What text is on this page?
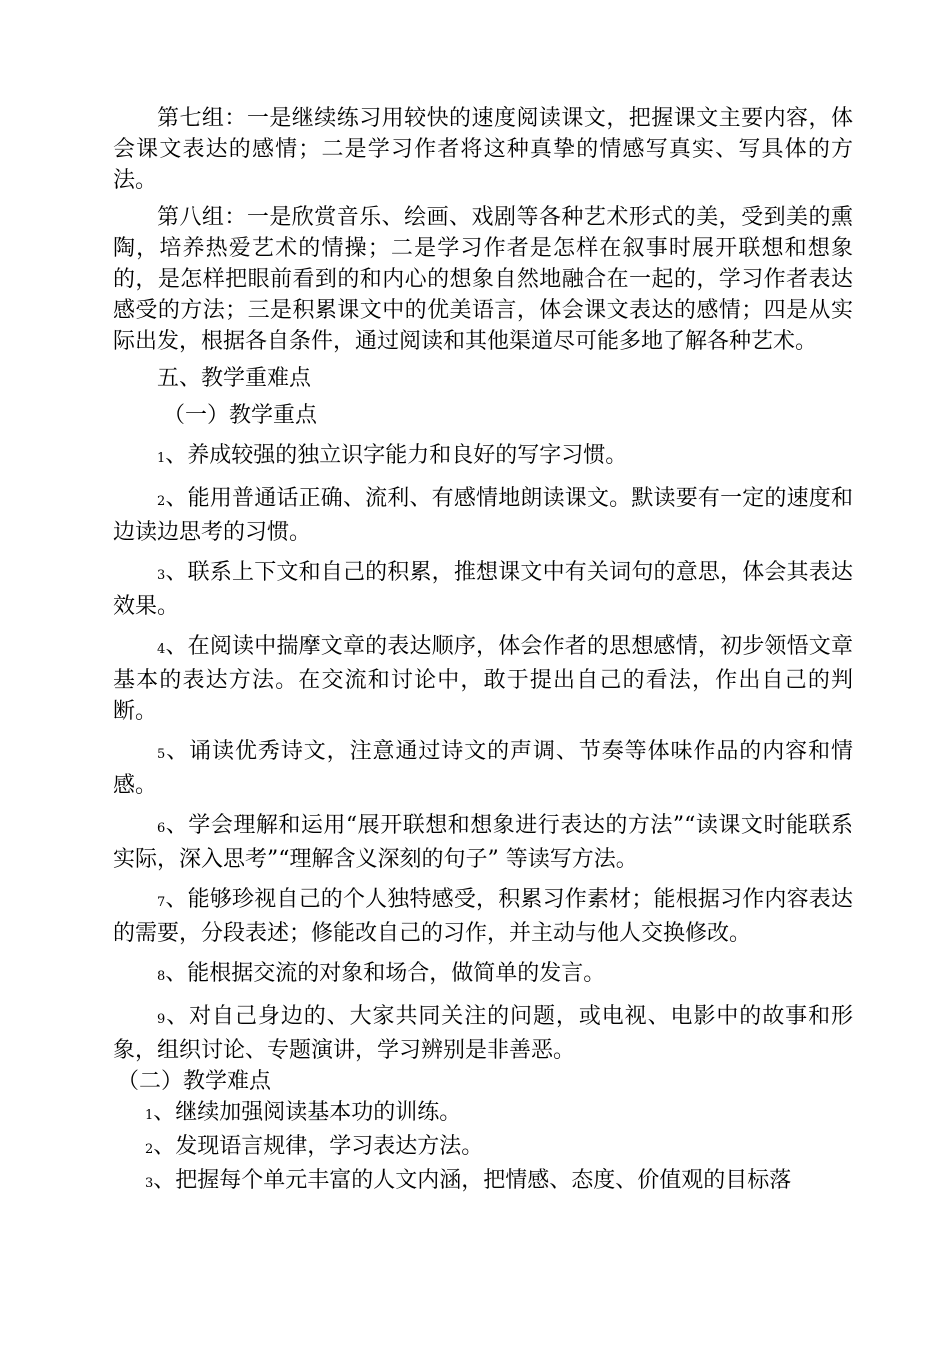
第七组：一是继续练习用较快的速度阅读课文，把握课文主要内容，体会课文表达的感情；二是学习作者将这种真挚的情感写真实、写具体的方法。

第八组：一是欣赏音乐、绘画、戏剧等各种艺术形式的美，受到美的熏陶，培养热爱艺术的情操；二是学习作者是怎样在叙事时展开联想和想象的，是怎样把眼前看到的和内心的想象自然地融合在一起的，学习作者表达感受的方法；三是积累课文中的优美语言，体会课文表达的感情；四是从实际出发，根据各自条件，通过阅读和其他渠道尽可能多地了解各种艺术。

五、教学重难点

（一）教学重点

1、养成较强的独立识字能力和良好的写字习惯。

2、能用普通话正确、流利、有感情地朗读课文。默读要有一定的速度和边读边思考的习惯。

3、联系上下文和自己的积累，推想课文中有关词句的意思，体会其表达效果。

4、在阅读中揣摩文章的表达顺序，体会作者的思想感情，初步领悟文章基本的表达方法。在交流和讨论中，敢于提出自己的看法，作出自己的判断。

5、诵读优秀诗文，注意通过诗文的声调、节奏等体味作品的内容和情感。

6、学会理解和运用“展开联想和想象进行表达的方法”“读课文时能联系实际，深入思考”“理解含义深刻的句子” 等读写方法。

7、能够珍视自己的个人独特感受，积累习作素材；能根据习作内容表达的需要，分段表述；修能改自己的习作，并主动与他人交换修改。

8、能根据交流的对象和场合，做简单的发言。

9、对自己身边的、大家共同关注的问题，或电视、电影中的故事和形象，组织讨论、专题演讲，学习辨别是非善恶。

（二）教学难点

1、继续加强阅读基本功的训练。

2、发现语言规律，学习表达方法。

3、把握每个单元丰富的人文内涵，把情感、态度、价值观的目标落
